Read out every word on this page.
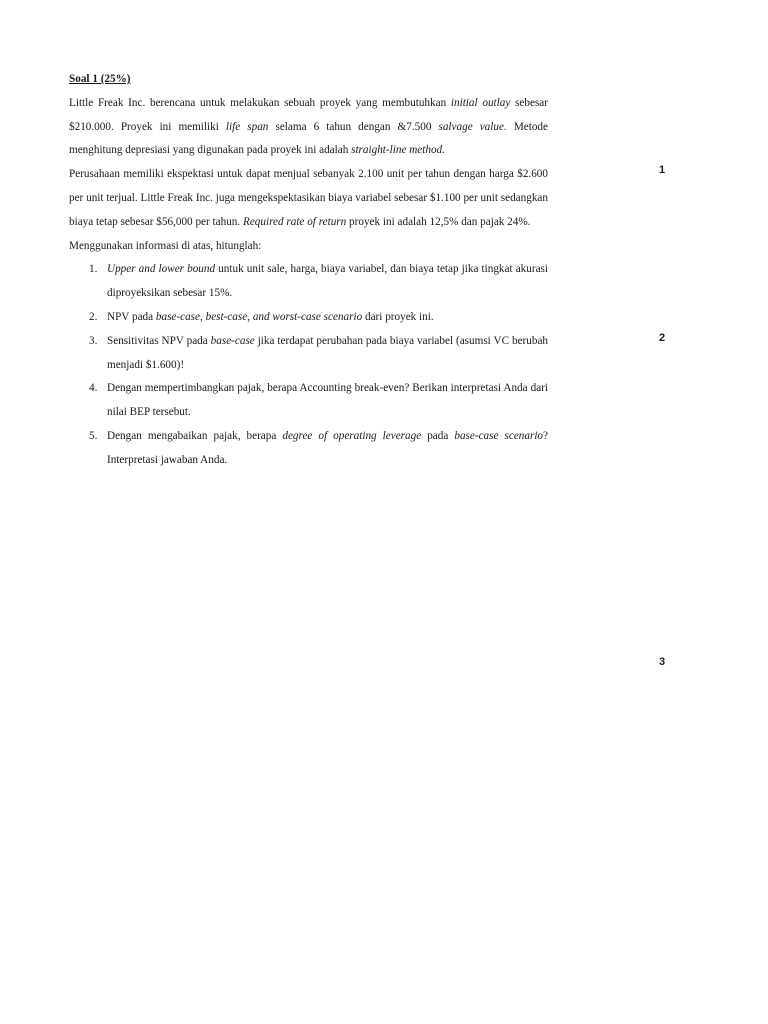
Soal 1 (25%)
Little Freak Inc. berencana untuk melakukan sebuah proyek yang membutuhkan initial outlay sebesar $210.000. Proyek ini memiliki life span selama 6 tahun dengan &7.500 salvage value. Metode menghitung depresiasi yang digunakan pada proyek ini adalah straight-line method.
Perusahaan memiliki ekspektasi untuk dapat menjual sebanyak 2.100 unit per tahun dengan harga $2.600 per unit terjual. Little Freak Inc. juga mengekspektasikan biaya variabel sebesar $1.100 per unit sedangkan biaya tetap sebesar $56,000 per tahun. Required rate of return proyek ini adalah 12,5% dan pajak 24%.
Menggunakan informasi di atas, hitunglah:
1. Upper and lower bound untuk unit sale, harga, biaya variabel, dan biaya tetap jika tingkat akurasi diproyeksikan sebesar 15%.
2. NPV pada base-case, best-case, and worst-case scenario dari proyek ini.
3. Sensitivitas NPV pada base-case jika terdapat perubahan pada biaya variabel (asumsi VC berubah menjadi $1.600)!
4. Dengan mempertimbangkan pajak, berapa Accounting break-even? Berikan interpretasi Anda dari nilai BEP tersebut.
5. Dengan mengabaikan pajak, berapa degree of operating leverage pada base-case scenario? Interpretasi jawaban Anda.
1
2
3
